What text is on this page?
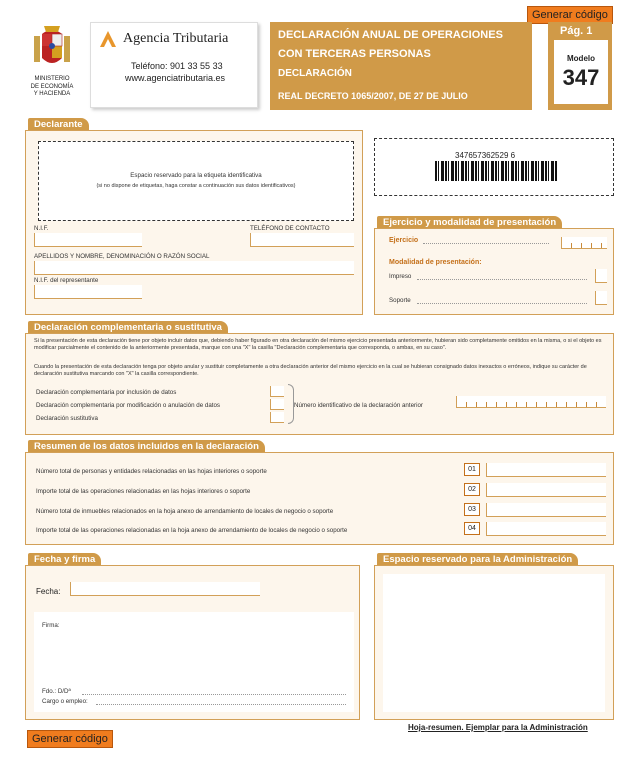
Generar código
MINISTERIO
DE ECONOMÍA
Y HACIENDA
Agencia Tributaria
Teléfono: 901 33 55 33
www.agenciatributaria.es
DECLARACIÓN ANUAL DE OPERACIONES
CON TERCERAS PERSONAS
DECLARACIÓN
REAL DECRETO 1065/2007, DE 27 DE JULIO
Pág. 1
Modelo
347
Declarante
Espacio reservado para la etiqueta identificativa
(si no dispone de etiquetas, haga constar a continuación sus datos identificativos)
N.I.F.	TELÉFONO DE CONTACTO
APELLIDOS Y NOMBRE, DENOMINACIÓN O RAZÓN SOCIAL
N.I.F. del representante
347657362529 6
Ejercicio y modalidad de presentación
Ejercicio
Modalidad de presentación:
Impreso
Soporte
Declaración complementaria o sustitutiva
Si la presentación de esta declaración tiene por objeto incluir datos que, debiendo haber figurado en otra declaración del mismo ejercicio presentada anteriormente, hubieran sido completamente omitidos en la misma, o si el objeto es modificar parcialmente el contenido de la anteriormente presentada, marque con una "X" la casilla "Declaración complementaria que corresponda, o ambas, en su caso".
Cuando la presentación de esta declaración tenga por objeto anular y sustituir completamente a otra declaración anterior del mismo ejercicio en la cual se hubieran consignado datos inexactos o erróneos, indique su carácter de declaración sustitutiva marcando con "X" la casilla correspondiente.
Declaración complementaria por inclusión de datos
Declaración complementaria por modificación o anulación de datos
Declaración sustitutiva
Número identificativo de la declaración anterior
Resumen de los datos incluidos en la declaración
Número total de personas y entidades relacionadas en las hojas interiores o soporte	01
Importe total de las operaciones relacionadas en las hojas interiores o soporte	02
Número total de inmuebles relacionados en la hoja anexo de arrendamiento de locales de negocio o soporte	03
Importe total de las operaciones relacionadas en la hoja anexo de arrendamiento de locales de negocio o soporte	04
Fecha y firma
Fecha:
Firma:
Fdo.: D/Dª
Cargo o empleo:
Espacio reservado para la Administración
Hoja-resumen. Ejemplar para la Administración
Generar código
